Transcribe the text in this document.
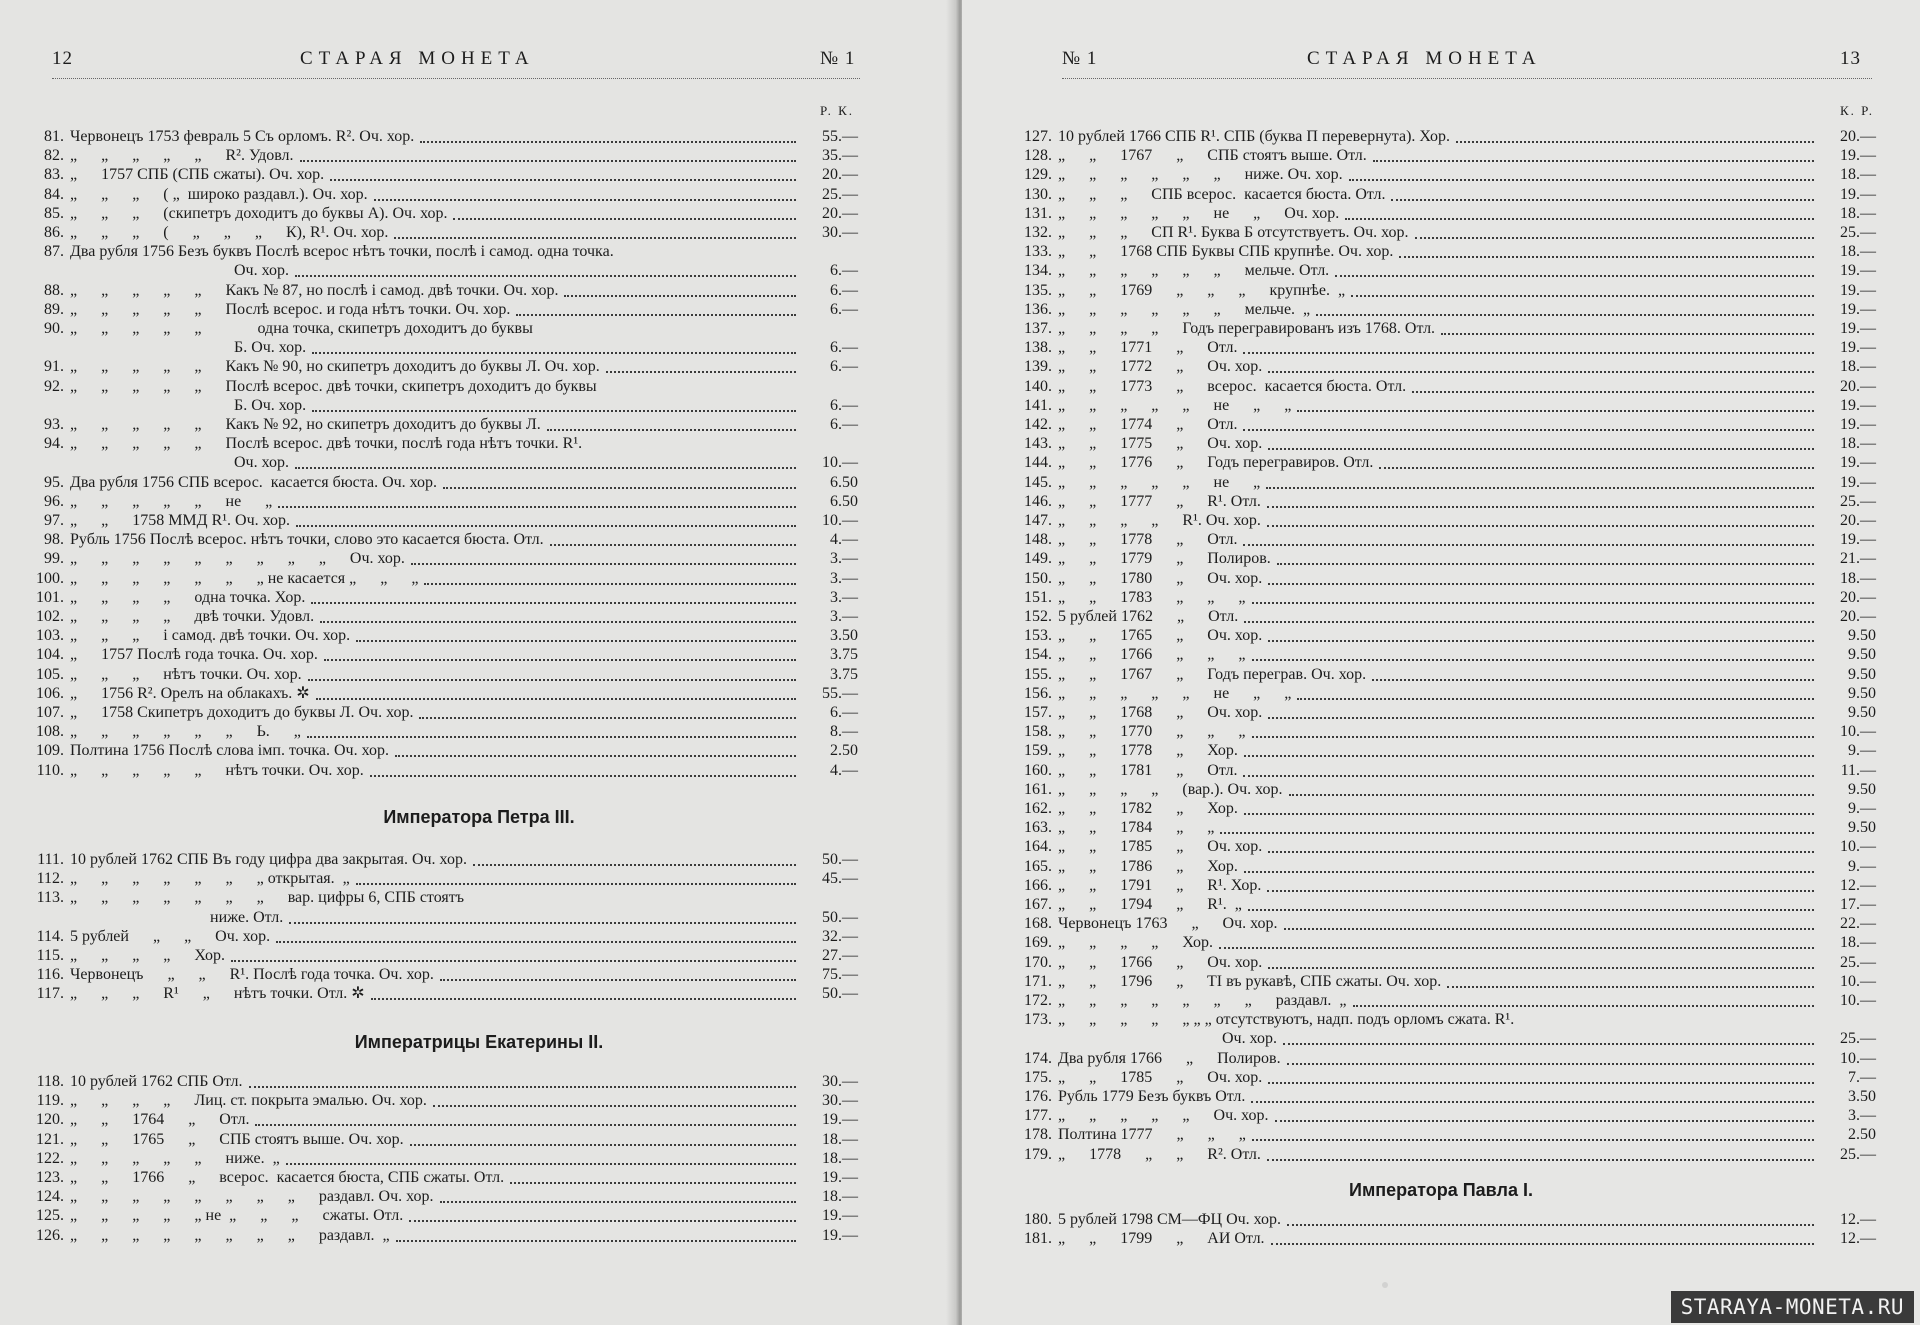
12	СТАРАЯ МОНЕТА	№ 1
Р. К.
81. Червонецъ 1753 февраль 5 Съ орломъ. R². Оч. хор.	55.—
82. „      „      „      „      „      R². Удовл.	35.—
83. „      1757 СПБ (СПБ сжаты). Оч. хор.	20.—
84. „      „      „      ( „  широко раздавл.). Оч. хор.	25.—
85. „      „      „      (скипетръ доходитъ до буквы А). Оч. хор.	20.—
86. „      „      „      (      „      „      „      К), R¹. Оч. хор.	30.—
87. Два рубля 1756 Безъ буквъ Послѣ всерос нѣтъ точки, послѣ і самод. одна точка.
Оч. хор.	6.—
88. „      „      „      „      „      Какъ № 87, но послѣ і самод. двѣ точки. Оч. хор.	6.—
89. „      „      „      „      „      Послѣ всерос. и года нѣтъ точки. Оч. хор.	6.—
90. „      „      „      „      „              одна точка, скипетръ доходитъ до буквы
Б. Оч. хор.	6.—
91. „      „      „      „      „      Какъ № 90, но скипетръ доходитъ до буквы Л. Оч. хор.	6.—
92. „      „      „      „      „      Послѣ всерос. двѣ точки, скипетръ доходитъ до буквы
Б. Оч. хор.	6.—
93. „      „      „      „      „      Какъ № 92, но скипетръ доходитъ до буквы Л.	6.—
94. „      „      „      „      „      Послѣ всерос. двѣ точки, послѣ года нѣтъ точки. R¹.
Оч. хор.	10.—
95. Два рубля 1756 СПБ всерос.  касается бюста. Оч. хор.	6.50
96. „      „      „      „      „      не      „	6.50
97. „      „      1758 ММД R¹. Оч. хор.	10.—
98. Рубль 1756 Послѣ всерос. нѣтъ точки, слово это касается бюста. Отл.	4.—
99. „      „      „      „      „      „      „      „      „      Оч. хор.	3.—
100. „      „      „      „      „      „      „ не касается „      „      „	3.—
101. „      „      „      „      одна точка. Хор.	3.—
102. „      „      „      „      двѣ точки. Удовл.	3.—
103. „      „      „      і самод. двѣ точки. Оч. хор.	3.50
104. „      1757 Послѣ года точка. Оч. хор.	3.75
105. „      „      „      нѣтъ точки. Оч. хор.	3.75
106. „      1756 R². Орелъ на облакахъ. ✲	55.—
107. „      1758 Скипетръ доходитъ до буквы Л. Оч. хор.	6.—
108. „      „      „      „      „      „      Ь.      „	8.—
109. Полтина 1756 Послѣ слова імп. точка. Оч. хор.	2.50
110. „      „      „      „      „      нѣтъ точки. Оч. хор.	4.—
Императора Петра III.
111. 10 рублей 1762 СПБ Въ году цифра два закрытая. Оч. хор.	50.—
112. „      „      „      „      „      „      „ открытая.  „	45.—
113. „      „      „      „      „      „      „      вар. цифры 6, СПБ стоятъ
ниже. Отл.	50.—
114. 5 рублей      „      „      Оч. хор.	32.—
115. „      „      „      „      Хор.	27.—
116. Червонецъ      „      „      R¹. Послѣ года точка. Оч. хор.	75.—
117. „      „      „      R¹      „      нѣтъ точки. Отл. ✲	50.—
Императрицы Екатерины II.
118. 10 рублей 1762 СПБ Отл.	30.—
119. „      „      „      „      Лиц. ст. покрыта эмалью. Оч. хор.	30.—
120. „      „      1764      „      Отл.	19.—
121. „      „      1765      „      СПБ стоятъ выше. Оч. хор.	18.—
122. „      „      „      „      „      ниже.  „	18.—
123. „      „      1766      „      всерос.  касается бюста, СПБ сжаты. Отл.	19.—
124. „      „      „      „      „      „      „      „      раздавл. Оч. хор.	18.—
125. „      „      „      „      „ не  „      „      „      сжаты. Отл.	19.—
126. „      „      „      „      „      „      „      „      раздавл.  „	19.—
№ 1	СТАРАЯ МОНЕТА	13
К. Р.
127. 10 рублей 1766 СПБ R¹. СПБ (буква П перевернута). Хор.	20.—
128. „      „      1767      „      СПБ стоятъ выше. Отл.	19.—
129. „      „      „      „      „      „      ниже. Оч. хор.	18.—
130. „      „      „      СПБ всерос.  касается бюста. Отл.	19.—
131. „      „      „      „      „      не      „      Оч. хор.	18.—
132. „      „      „      СП R¹. Буква Б отсутствуетъ. Оч. хор.	25.—
133. „      „      1768 СПБ Буквы СПБ крупнѣе. Оч. хор.	18.—
134. „      „      „      „      „      „      мельче. Отл.	19.—
135. „      „      1769      „      „      „      крупнѣе.  „	19.—
136. „      „      „      „      „      „      мельче.  „	19.—
137. „      „      „      „      Годъ перегравированъ изъ 1768. Отл.	19.—
138. „      „      1771      „      Отл.	19.—
139. „      „      1772      „      Оч. хор.	18.—
140. „      „      1773      „      всерос.  касается бюста. Отл.	20.—
141. „      „      „      „      „      не      „      „	19.—
142. „      „      1774      „      Отл.	19.—
143. „      „      1775      „      Оч. хор.	18.—
144. „      „      1776      „      Годъ перегравиров. Отл.	19.—
145. „      „      „      „      „      не      „	19.—
146. „      „      1777      „      R¹. Отл.	25.—
147. „      „      „      „      R¹. Оч. хор.	20.—
148. „      „      1778      „      Отл.	19.—
149. „      „      1779      „      Полиров.	21.—
150. „      „      1780      „      Оч. хор.	18.—
151. „      „      1783      „      „      „	20.—
152. 5 рублей 1762      „      Отл.	20.—
153. „      „      1765      „      Оч. хор.	9.50
154. „      „      1766      „      „      „	9.50
155. „      „      1767      „      Годъ переграв. Оч. хор.	9.50
156. „      „      „      „      „      не      „      „	9.50
157. „      „      1768      „      Оч. хор.	9.50
158. „      „      1770      „      „      „	10.—
159. „      „      1778      „      Хор.	9.—
160. „      „      1781      „      Отл.	11.—
161. „      „      „      „      (вар.). Оч. хор.	9.50
162. „      „      1782      „      Хор.	9.—
163. „      „      1784      „      „	9.50
164. „      „      1785      „      Оч. хор.	10.—
165. „      „      1786      „      Хор.	9.—
166. „      „      1791      „      R¹. Хор.	12.—
167. „      „      1794      „      R¹.  „	17.—
168. Червонецъ 1763      „      Оч. хор.	22.—
169. „      „      „      „      Хор.	18.—
170. „      „      1766      „      Оч. хор.	25.—
171. „      „      1796      „      TI въ рукавѣ, СПБ сжаты. Оч. хор.	10.—
172. „      „      „      „      „      „      „      раздавл.  „	10.—
173. „      „      „      „      „ „ „ отсутствуютъ, надп. подъ орломъ сжата. R¹.
Оч. хор.	25.—
174. Два рубля 1766      „      Полиров.	10.—
175. „      „      1785      „      Оч. хор.	7.—
176. Рубль 1779 Безъ буквъ Отл.	3.50
177. „      „      „      „      „      Оч. хор.	3.—
178. Полтина 1777      „      „      „	2.50
179. „      1778      „      „      R². Отл.	25.—
Императора Павла I.
180. 5 рублей 1798 СМ—ФЦ Оч. хор.	12.—
181. „      „      1799      „      АИ Отл.	12.—
STARAYA-MONETA.RU
